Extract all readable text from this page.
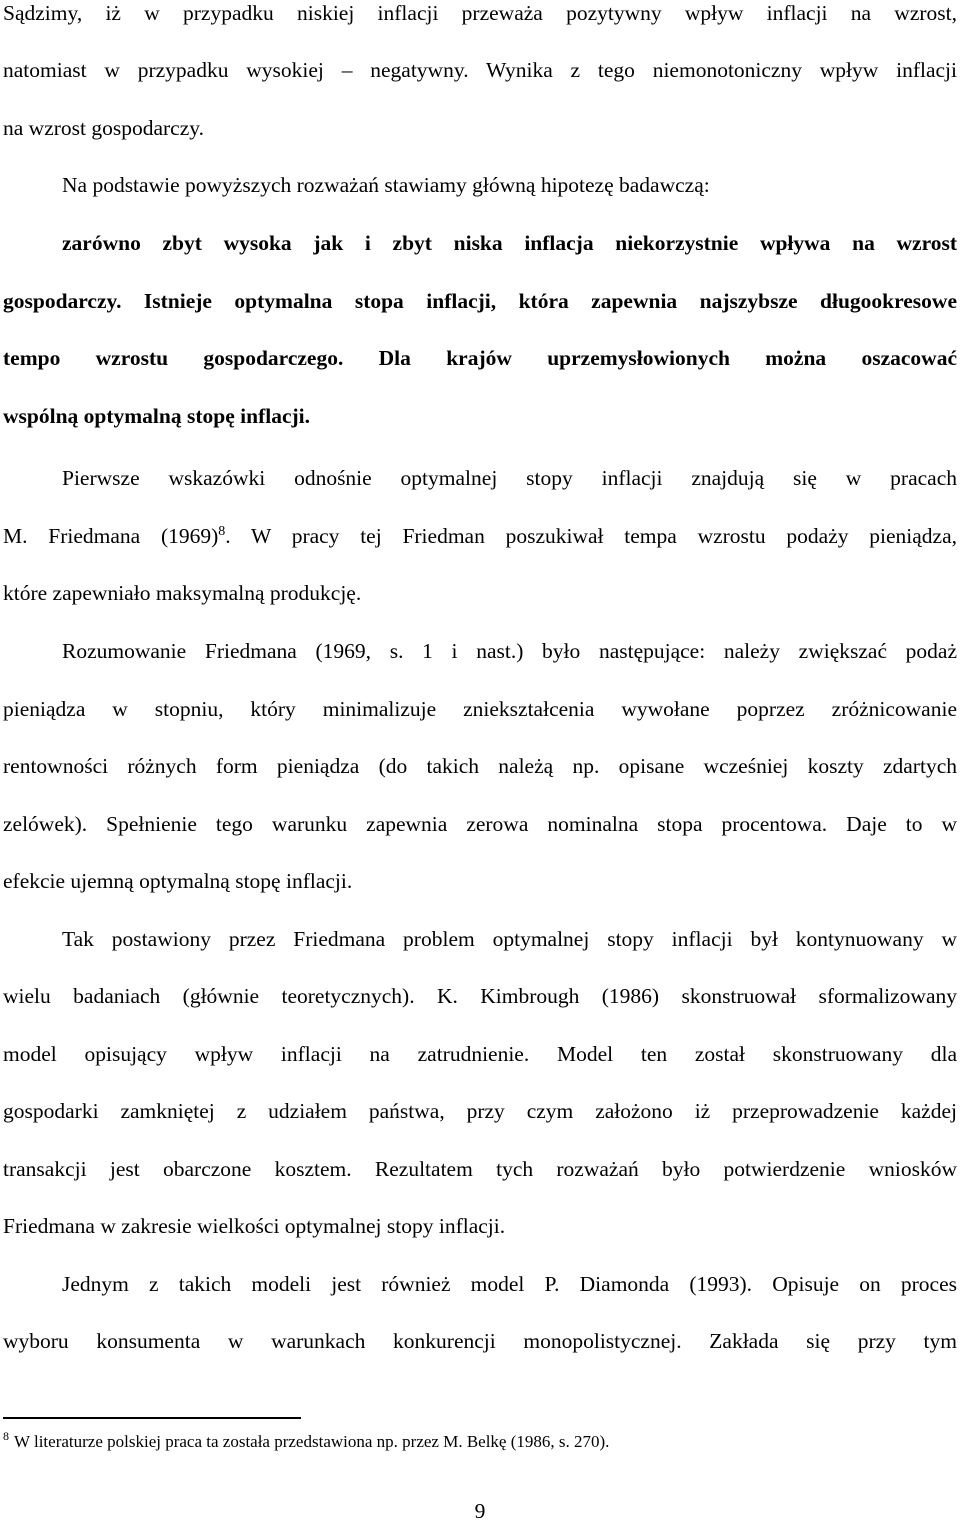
Sądzimy, iż w przypadku niskiej inflacji przeważa pozytywny wpływ inflacji na wzrost,
natomiast w przypadku wysokiej – negatywny. Wynika z tego niemonotoniczny wpływ inflacji
na wzrost gospodarczy.
Na podstawie powyższych rozważań stawiamy główną hipotezę badawczą:
zarówno zbyt wysoka jak i zbyt niska inflacja niekorzystnie wpływa na wzrost
gospodarczy. Istnieje optymalna stopa inflacji, która zapewnia najszybsze długookresowe
tempo wzrostu gospodarczego. Dla krajów uprzemysłowionych można oszacować
wspólną optymalną stopę inflacji.
Pierwsze wskazówki odnośnie optymalnej stopy inflacji znajdują się w pracach
M. Friedmana $(1969)^8$. W pracy tej Friedman poszukiwał tempa wzrostu podaży pieniądza,
które zapewniało maksymalną produkcję.
Rozumowanie Friedmana (1969, s. 1 i nast.) było następujące: należy zwiększać podaż
pieniądza w stopniu, który minimalizuje zniekształcenia wywołane poprzez zróżnicowanie
rentowności różnych form pieniądza (do takich należą np. opisane wcześniej koszty zdartych
zelówek). Spełnienie tego warunku zapewnia zerowa nominalna stopa procentowa. Daje to w
efekcie ujemną optymalną stopę inflacji.
Tak postawiony przez Friedmana problem optymalnej stopy inflacji był kontynuowany w
wielu badaniach (głównie teoretycznych). K. Kimbrough (1986) skonstruował sformalizowany
model opisujący wpływ inflacji na zatrudnienie. Model ten został skonstruowany dla
gospodarki zamkniętej z udziałem państwa, przy czym założono iż przeprowadzenie każdej
transakcji jest obarczone kosztem. Rezultatem tych rozważań było potwierdzenie wniosków
Friedmana w zakresie wielkości optymalnej stopy inflacji.
Jednym z takich modeli jest również model P. Diamonda (1993). Opisuje on proces
wyboru konsumenta w warunkach konkurencji monopolistycznej. Zakłada się przy tym
$^8$ W literaturze polskiej praca ta została przedstawiona np. przez M. Belkę (1986, s. 270).
9
